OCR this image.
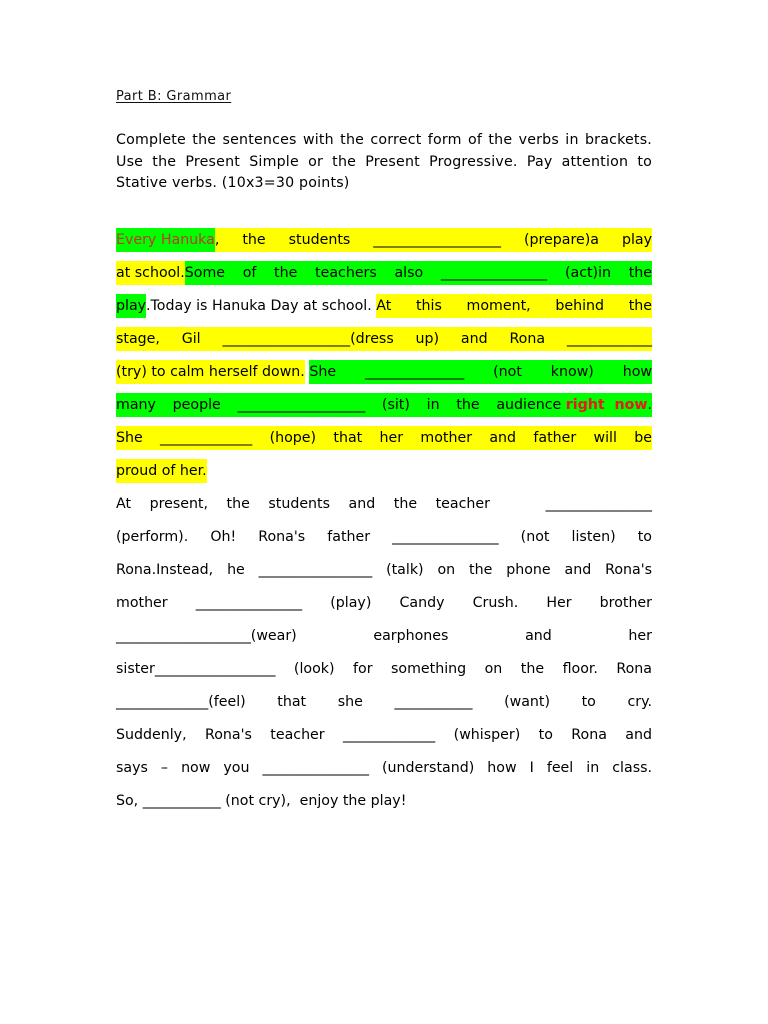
Part B: Grammar
Complete the sentences with the correct form of the verbs in brackets. Use the Present Simple or the Present Progressive. Pay attention to Stative verbs. (10x3=30 points)
Every Hanuka , the students __________________ (prepare)a play
at school. Some of the teachers also _______________ (act)in the
play .Today is Hanuka Day at school. At this moment, behind the
stage, Gil __________________(dress up) and Rona ____________
(try) to calm herself down.
She ______________ (not know) how
many people __________________ (sit) in the audience right  now .
She _____________ (hope) that her mother and father will be
proud of her.
At present, the students and the teacher   _______________
(perform). Oh! Rona's father _______________ (not listen) to
Rona.Instead, he ________________ (talk) on the phone and Rona's
mother  _______________  (play)  Candy  Crush.  Her  brother
___________________(wear)        earphones        and        her
sister_________________ (look) for something on the floor. Rona
_____________(feel)   that   she   ___________   (want)   to   cry.
Suddenly, Rona's teacher _____________ (whisper) to Rona and
says – now you _______________ (understand) how I feel in class.
So, ___________ (not cry),  enjoy the play!
